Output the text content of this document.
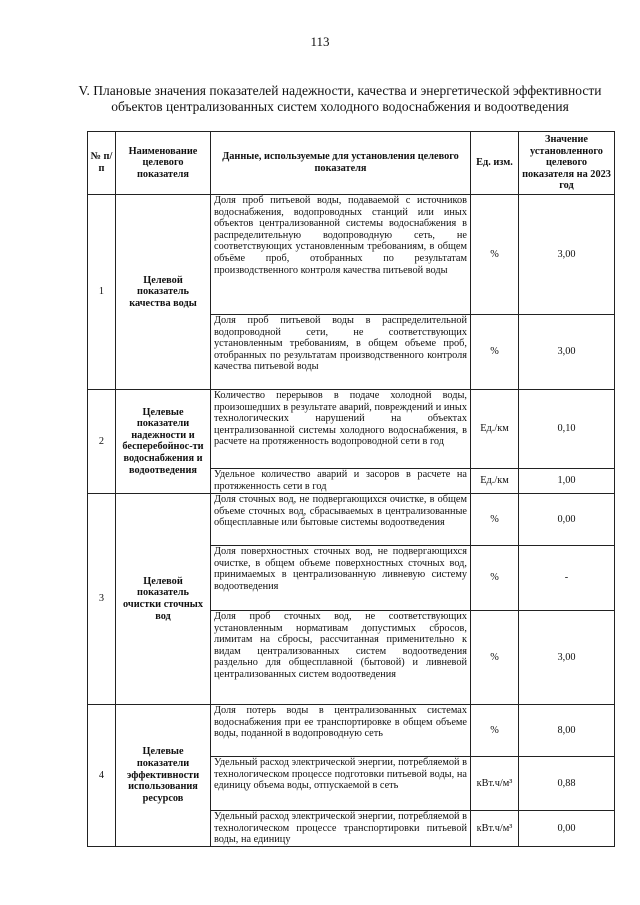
113
V. Плановые значения показателей надежности, качества и энергетической эффективности объектов централизованных систем холодного водоснабжения и водоотведения
№ п/п	Наименование целевого показателя	Данные, используемые для установления целевого показателя	Ед. изм.	Значение установленного целевого показателя на 2023 год
1	Целевой показатель качества воды	Доля проб питьевой воды, подаваемой с источников водоснабжения, водопроводных станций или иных объектов централизованной системы водоснабжения в распределительную водопроводную сеть, не соответствующих установленным требованиям, в общем объёме проб, отобранных по результатам производственного контроля качества питьевой воды	%	3,00
		Доля проб питьевой воды в распределительной водопроводной сети, не соответствующих установленным требованиям, в общем объеме проб, отобранных по результатам производственного контроля качества питьевой воды	%	3,00
2	Целевые показатели надежности и бесперебойнос-ти водоснабжения и водоотведения	Количество перерывов в подаче холодной воды, произошедших в результате аварий, повреждений и иных технологических нарушений на объектах централизованной системы холодного водоснабжения, в расчете на протяженность водопроводной сети в год	Ед./км	0,10
		Удельное количество аварий и засоров в расчете на протяженность сети в год	Ед./км	1,00
3	Целевой показатель очистки сточных вод	Доля сточных вод, не подвергающихся очистке, в общем объеме сточных вод, сбрасываемых в централизованные общесплавные или бытовые системы водоотведения	%	0,00
		Доля поверхностных сточных вод, не подвергающихся очистке, в общем объеме поверхностных сточных вод, принимаемых в централизованную ливневую систему водоотведения	%	-
		Доля проб сточных вод, не соответствующих установленным нормативам допустимых сбросов, лимитам на сбросы, рассчитанная применительно к видам централизованных систем водоотведения раздельно для общесплавной (бытовой) и ливневой централизованных систем водоотведения	%	3,00
4	Целевые показатели эффективности использования ресурсов	Доля потерь воды в централизованных системах водоснабжения при ее транспортировке в общем объеме воды, поданной в водопроводную сеть	%	8,00
		Удельный расход электрической энергии, потребляемой в технологическом процессе подготовки питьевой воды, на единицу объема воды, отпускаемой в сеть	кВт.ч/м³	0,88
		Удельный расход электрической энергии, потребляемой в технологическом процессе транспортировки питьевой воды, на единицу	кВт.ч/м³	0,00
